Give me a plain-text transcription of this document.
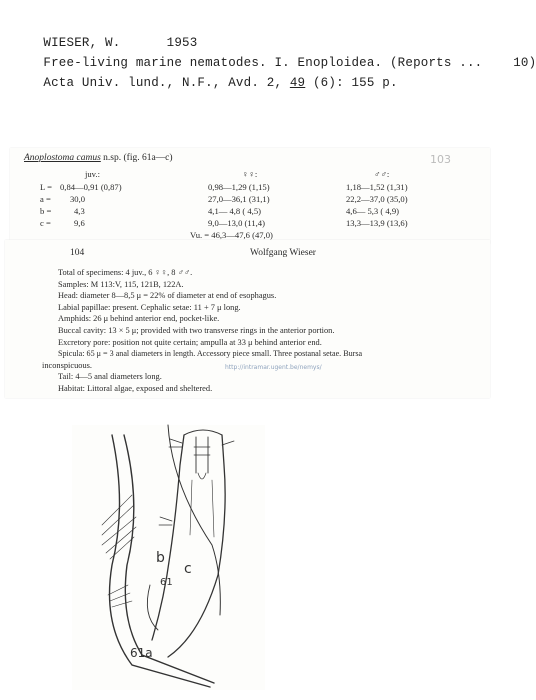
WIESER, W.	1953

Free-living marine nematodes. I. Enoploidea. (Reports ... 10)

Acta Univ. lund., N.F., Avd. 2, 49 (6): 155 p.

Anoplostoma camus n.sp. (fig. 61a—c)	103
juv.:	♀♀:	♂♂:
L = 0,84—0,91 (0,87)	0,98—1,29 (1,15)	1,18—1,52 (1,31)
a = 30,0	27,0—36,1 (31,1)	22,2—37,0 (35,0)
b =	4,3	4,1— 4,8 ( 4,5)	4,6— 5,3 ( 4,9)
c =	9,6	9,0—13,0 (11,4)	13,3—13,9 (13,6)
Vu. = 46,3—47,6 (47,0)
104	Wolfgang Wieser
Total of specimens: 4 juv., 6 ♀♀, 8 ♂♂.
Samples: M 113:V, 115, 121B, 122A.
Head: diameter 8—8,5 μ = 22% of diameter at end of esophagus.
Labial papillae: present. Cephalic setae: 11 + 7 μ long.
Amphids: 26 μ behind anterior end, pocket-like.
Buccal cavity: 13 × 5 μ; provided with two transverse rings in the anterior portion.
Excretory pore: position not quite certain; ampulla at 33 μ behind anterior end.
Spicula: 65 μ = 3 anal diameters in length. Accessory piece small. Three postanal setae. Bursa
inconspicuous.
Tail: 4—5 anal diameters long.
Habitat: Littoral algae, exposed and sheltered.
http://intramar.ugent.be/nemys/
b
c
61
61a
